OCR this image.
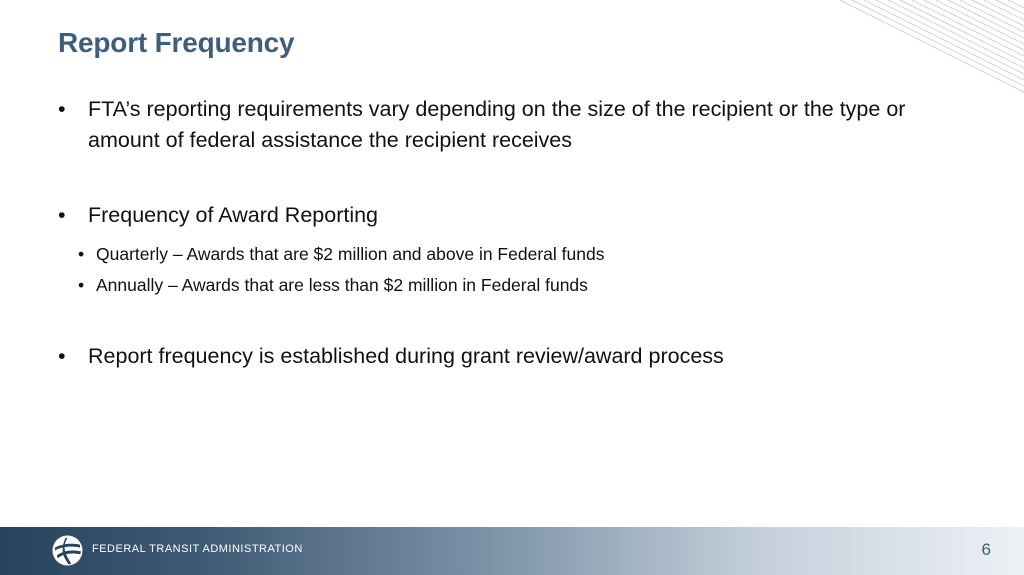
Report Frequency
• FTA’s reporting requirements vary depending on the size of the recipient or the type or amount of federal assistance the recipient receives
• Frequency of Award Reporting
• Quarterly – Awards that are $2 million and above in Federal funds
• Annually – Awards that are less than $2 million in Federal funds
• Report frequency is established during grant review/award process

FEDERAL TRANSIT ADMINISTRATION	6
